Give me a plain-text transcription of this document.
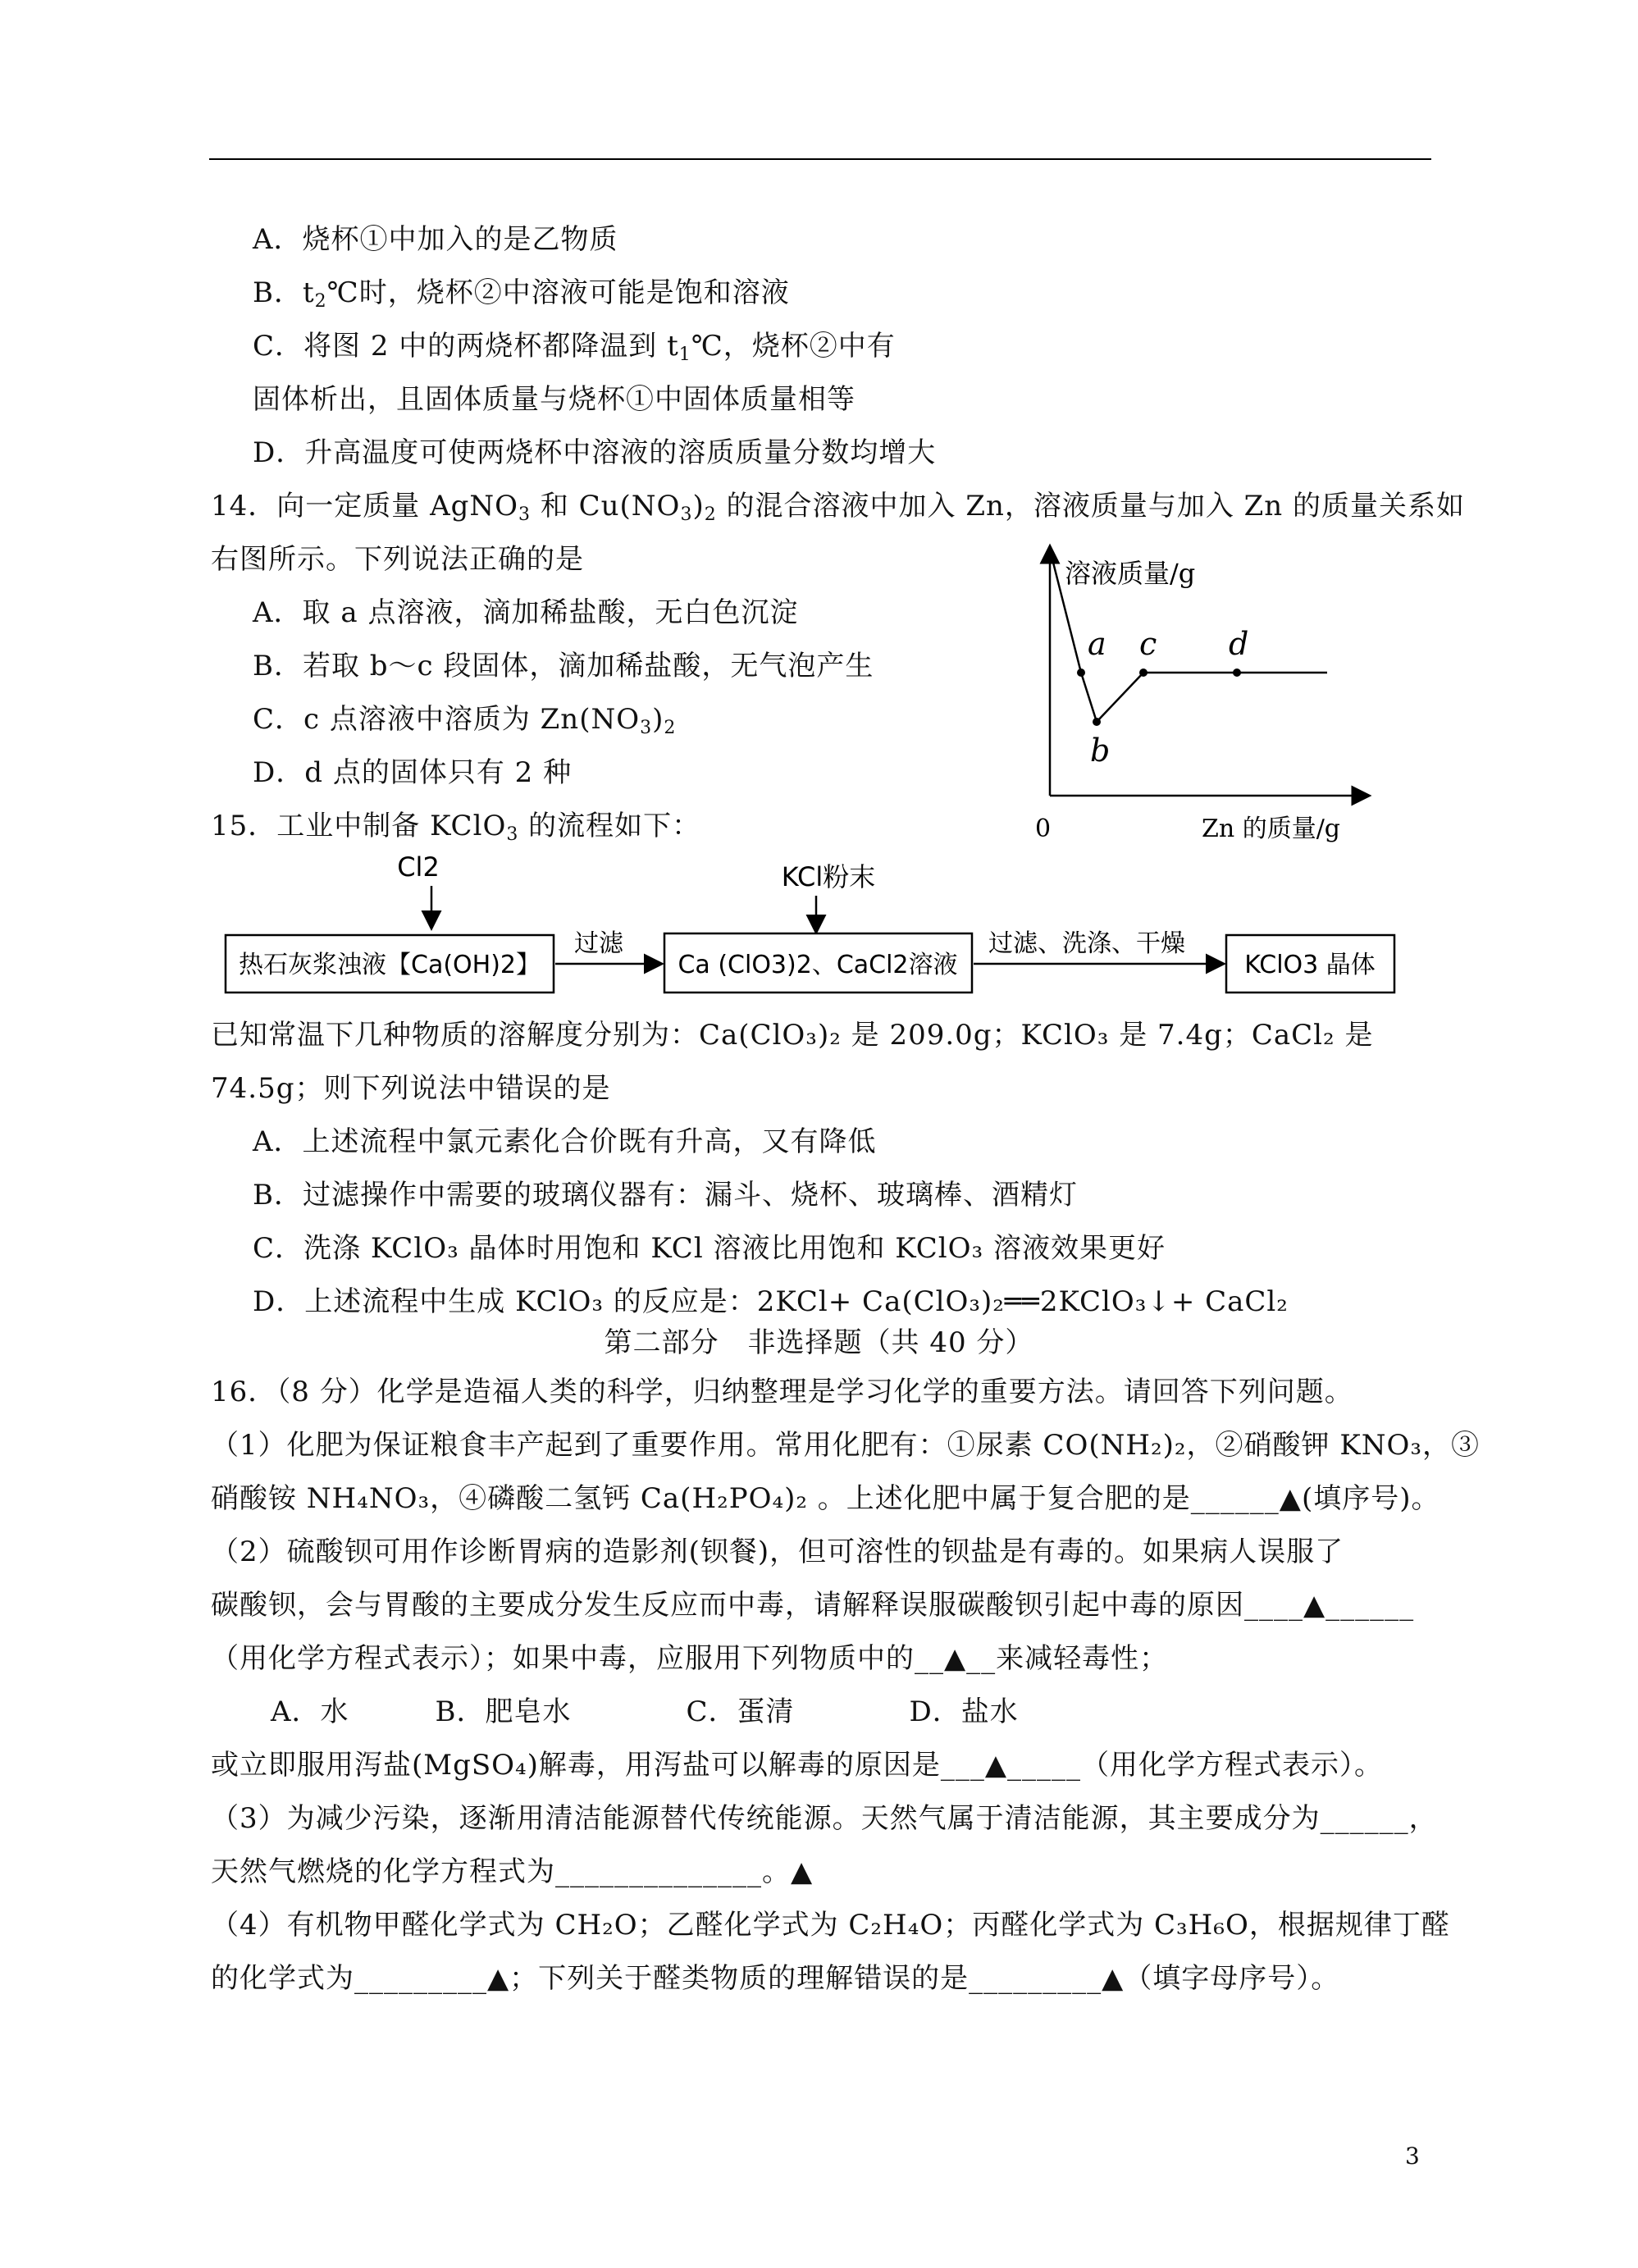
A．烧杯①中加入的是乙物质
B．$t_2℃$时，烧杯②中溶液可能是饱和溶液
C．将图 2 中的两烧杯都降温到 $t_1℃$，烧杯②中有
固体析出，且固体质量与烧杯①中固体质量相等
D．升高温度可使两烧杯中溶液的溶质质量分数均增大
14．向一定质量 AgNO$_3$ 和 $Cu(NO_3)_2$ 的混合溶液中加入 Zn，溶液质量与加入 Zn 的质量关系如
右图所示。下列说法正确的是
A．取 a 点溶液，滴加稀盐酸，无白色沉淀
B．若取 b～c 段固体，滴加稀盐酸，无气泡产生
C．c 点溶液中溶质为 $Zn(NO_3)_2$
D．d 点的固体只有 2 种
溶液质量/g
Zn 的质量/g
0
a
b
c d
15．工业中制备 KClO$_3$ 的流程如下：
Cl2	KCl粉末
热石灰浆浊液【Ca(OH)2】
过滤
Ca (ClO3)2、CaCl2溶液
过滤、洗涤、干燥
KClO3 晶体
已知常温下几种物质的溶解度分别为：Ca(ClO₃)₂ 是 209.0g；KClO₃ 是 7.4g；CaCl₂ 是
74.5g；则下列说法中错误的是
A．上述流程中氯元素化合价既有升高，又有降低
B．过滤操作中需要的玻璃仪器有：漏斗、烧杯、玻璃棒、酒精灯
C．洗涤 KClO₃ 晶体时用饱和 KCl 溶液比用饱和 KClO₃ 溶液效果更好
D．上述流程中生成 KClO₃ 的反应是：2KCl+ Ca(ClO₃)₂══2KClO₃↓+ CaCl₂
第二部分　非选择题（共 40 分）
16．（8 分）化学是造福人类的科学，归纳整理是学习化学的重要方法。请回答下列问题。
（1）化肥为保证粮食丰产起到了重要作用。常用化肥有：①尿素 CO(NH₂)₂，②硝酸钾 KNO₃，③
硝酸铵 NH₄NO₃，④磷酸二氢钙 Ca(H₂PO₄)₂ 。上述化肥中属于复合肥的是______▲(填序号)。
（2）硫酸钡可用作诊断胃病的造影剂(钡餐)，但可溶性的钡盐是有毒的。如果病人误服了
碳酸钡，会与胃酸的主要成分发生反应而中毒，请解释误服碳酸钡引起中毒的原因____▲______
（用化学方程式表示）；如果中毒，应服用下列物质中的__▲__来减轻毒性；
A．水　　　B．肥皂水　　　　C．蛋清　　　　D．盐水
或立即服用泻盐(MgSO₄)解毒，用泻盐可以解毒的原因是___▲_____（用化学方程式表示）。
（3）为减少污染，逐渐用清洁能源替代传统能源。天然气属于清洁能源，其主要成分为______，
天然气燃烧的化学方程式为______________。▲
（4）有机物甲醛化学式为 CH₂O；乙醛化学式为 C₂H₄O；丙醛化学式为 C₃H₆O，根据规律丁醛
的化学式为_________▲；下列关于醛类物质的理解错误的是_________▲（填字母序号）。
3
